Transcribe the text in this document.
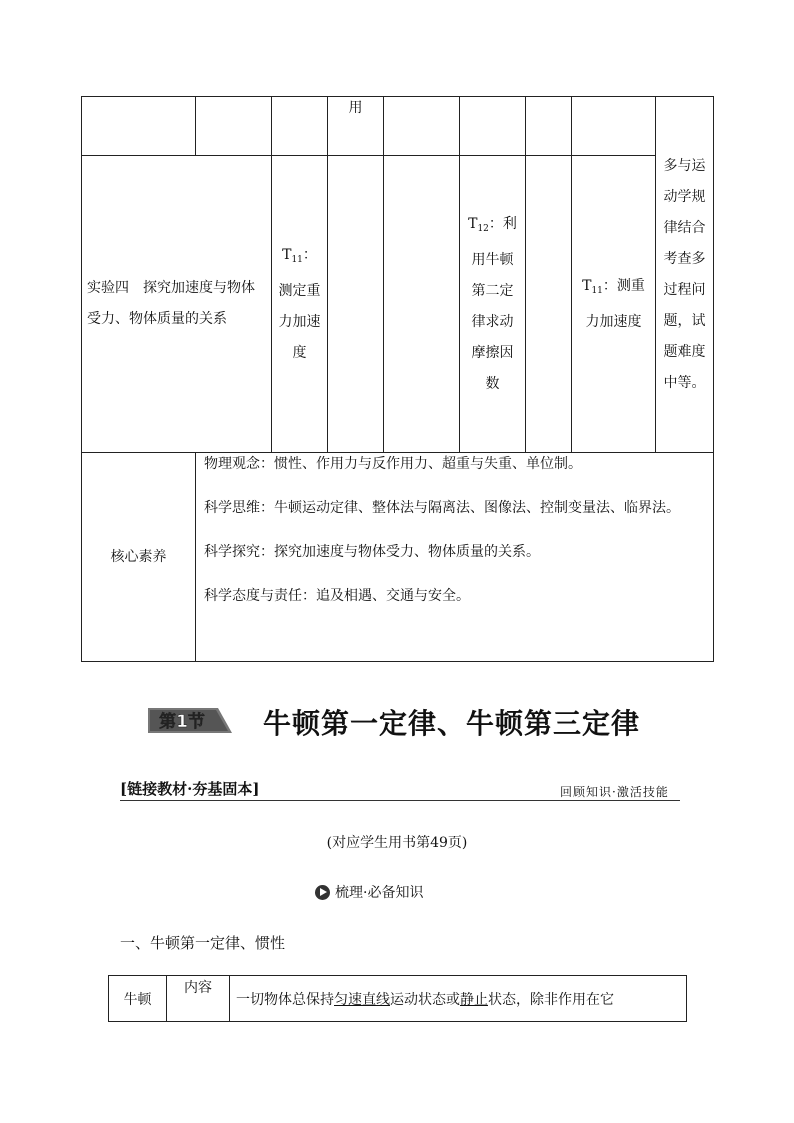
			用					多与运动学规律结合考查多过程问题，试题难度中等。
实验四　探究加速度与物体受力、物体质量的关系		$T_{11}$：测定重力加速度			$T_{12}$：利用牛顿第二定律求动摩擦因数		$T_{11}$：测重力加速度	
核心素养	物理观念：惯性、作用力与反作用力、超重与失重、单位制。

科学思维：牛顿运动定律、整体法与隔离法、图像法、控制变量法、临界法。

科学探究：探究加速度与物体受力、物体质量的关系。

科学态度与责任：追及相遇、交通与安全。							

第1节 牛顿第一定律、牛顿第三定律
[链接教材·夯基固本]	回顾知识·激活技能
(对应学生用书第49页)
梳理·必备知识
一、牛顿第一定律、惯性
牛顿	内容	一切物体总保持匀速直线运动状态或静止状态，除非作用在它
